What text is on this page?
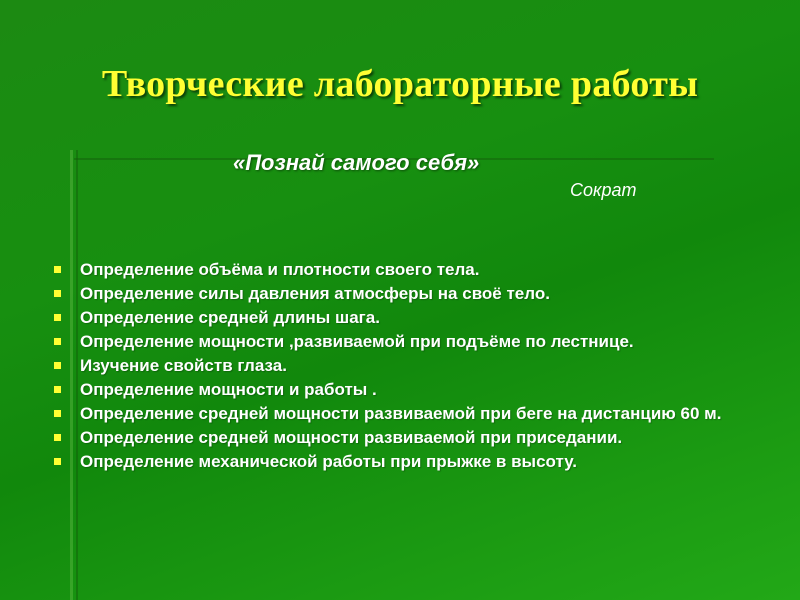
Творческие лабораторные работы
«Познай самого себя»
Сократ
Определение объёма и плотности своего тела.
Определение силы давления атмосферы на своё тело.
Определение средней длины шага.
Определение мощности ,развиваемой при подъёме по лестнице.
Изучение свойств глаза.
Определение мощности и работы .
Определение средней мощности развиваемой при беге на дистанцию 60 м.
Определение средней мощности развиваемой при приседании.
Определение механической работы при прыжке в высоту.
